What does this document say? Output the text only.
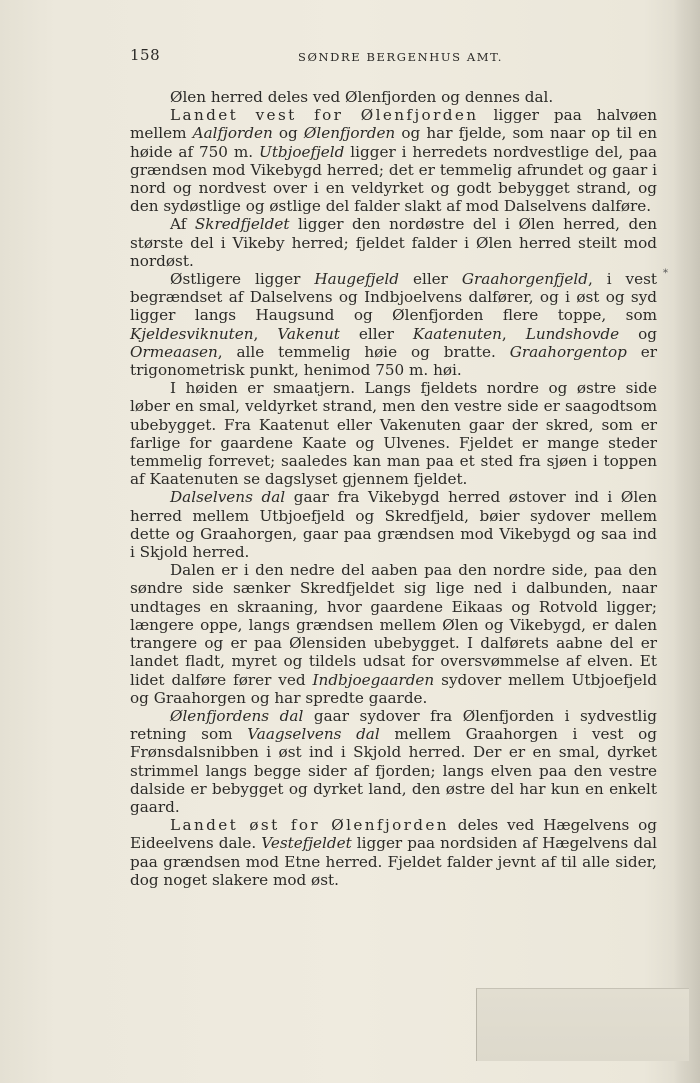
158	SØNDRE BERGENHUS AMT.

Ølen herred deles ved Ølenfjorden og dennes dal.

Landet vest for Ølenfjorden ligger paa halvøen mellem Aalfjorden og Ølenfjorden og har fjelde, som naar op til en høide af 750 m. Utbjoefjeld ligger i herredets nordvestlige del, paa grændsen mod Vikebygd herred; det er temmelig afrundet og gaar i nord og nordvest over i en veldyrket og godt bebygget strand, og den sydøstlige og østlige del falder slakt af mod Dalselvens dalføre.

Af Skredfjeldet ligger den nordøstre del i Ølen herred, den største del i Vikeby herred; fjeldet falder i Ølen herred steilt mod nordøst.

Østligere ligger Haugefjeld eller Graahorgenfjeld, i vest begrændset af Dalselvens og Indbjoelvens dalfører, og i øst og syd ligger langs Haugsund og Ølenfjorden flere toppe, som Kjeldesviknuten, Vakenut eller Kaatenuten, Lundshovde og Ormeaasen, alle temmelig høie og bratte. Graahorgentop er trigonometrisk punkt, henimod 750 m. høi.

I høiden er smaatjern. Langs fjeldets nordre og østre side løber en smal, veldyrket strand, men den vestre side er saagodtsom ubebygget. Fra Kaatenut eller Vakenuten gaar der skred, som er farlige for gaardene Kaate og Ulvenes. Fjeldet er mange steder temmelig forrevet; saaledes kan man paa et sted fra sjøen i toppen af Kaatenuten se dagslyset gjennem fjeldet.

Dalselvens dal gaar fra Vikebygd herred østover ind i Ølen herred mellem Utbjoefjeld og Skredfjeld, bøier sydover mellem dette og Graahorgen, gaar paa grændsen mod Vikebygd og saa ind i Skjold herred.

Dalen er i den nedre del aaben paa den nordre side, paa den søndre side sænker Skredfjeldet sig lige ned i dalbunden, naar undtages en skraaning, hvor gaardene Eikaas og Rotvold ligger; længere oppe, langs grændsen mellem Ølen og Vikebygd, er dalen trangere og er paa Ølensiden ubebygget. I dalførets aabne del er landet fladt, myret og tildels udsat for oversvømmelse af elven. Et lidet dalføre fører ved Indbjoegaarden sydover mellem Utbjoefjeld og Graahorgen og har spredte gaarde.

Ølenfjordens dal gaar sydover fra Ølenfjorden i sydvestlig retning som Vaagselvens dal mellem Graahorgen i vest og Frønsdalsnibben i øst ind i Skjold herred. Der er en smal, dyrket strimmel langs begge sider af fjorden; langs elven paa den vestre dalside er bebygget og dyrket land, den østre del har kun en enkelt gaard.

Landet øst for Ølenfjorden deles ved Hægelvens og Eideelvens dale. Vestefjeldet ligger paa nordsiden af Hægelvens dal paa grændsen mod Etne herred. Fjeldet falder jevnt af til alle sider, dog noget slakere mod øst.

*
